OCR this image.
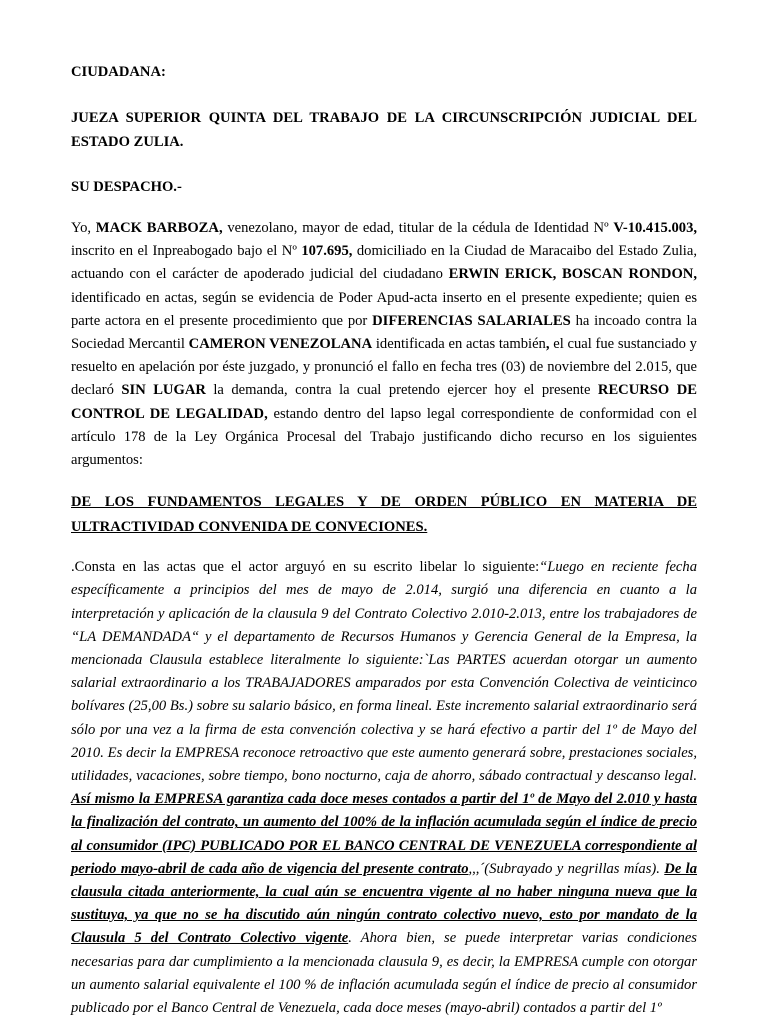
CIUDADANA:

JUEZA SUPERIOR QUINTA DEL TRABAJO DE LA CIRCUNSCRIPCIÓN JUDICIAL DEL ESTADO ZULIA.

SU DESPACHO.-

Yo, MACK BARBOZA, venezolano, mayor de edad, titular de la cédula de Identidad Nº V-10.415.003, inscrito en el Inpreabogado bajo el Nº 107.695, domiciliado en la Ciudad de Maracaibo del Estado Zulia, actuando con el carácter de apoderado judicial del ciudadano ERWIN ERICK, BOSCAN RONDON, identificado en actas, según se evidencia de Poder Apud-acta inserto en el presente expediente; quien es parte actora en el presente procedimiento que por DIFERENCIAS SALARIALES ha incoado contra la Sociedad Mercantil CAMERON VENEZOLANA identificada en actas también, el cual fue sustanciado y resuelto en apelación por éste juzgado, y pronunció el fallo en fecha tres (03) de noviembre del 2.015, que declaró SIN LUGAR la demanda, contra la cual pretendo ejercer hoy el presente RECURSO DE CONTROL DE LEGALIDAD, estando dentro del lapso legal correspondiente de conformidad con el artículo 178 de la Ley Orgánica Procesal del Trabajo justificando dicho recurso en los siguientes argumentos:

DE LOS FUNDAMENTOS LEGALES Y DE ORDEN PÚBLICO EN MATERIA DE ULTRACTIVIDAD CONVENIDA DE CONVECIONES.

.Consta en las actas que el actor arguyó en su escrito libelar lo siguiente:“Luego en reciente fecha específicamente a principios del mes de mayo de 2.014, surgió una diferencia en cuanto a la interpretación y aplicación de la clausula 9 del Contrato Colectivo 2.010-2.013, entre los trabajadores de “LA DEMANDADA“ y el departamento de Recursos Humanos y Gerencia General de la Empresa, la mencionada Clausula establece literalmente lo siguiente:`Las PARTES acuerdan otorgar un aumento salarial extraordinario a los TRABAJADORES amparados por esta Convención Colectiva de veinticinco bolívares (25,00 Bs.) sobre su salario básico, en forma lineal. Este incremento salarial extraordinario será sólo por una vez a la firma de esta convención colectiva y se hará efectivo a partir del 1º de Mayo del 2010. Es decir la EMPRESA reconoce retroactivo que este aumento generará sobre, prestaciones sociales, utilidades, vacaciones, sobre tiempo, bono nocturno, caja de ahorro, sábado contractual y descanso legal. Así mismo la EMPRESA garantiza cada doce meses contados a partir del 1º de Mayo del 2.010 y hasta la finalización del contrato, un aumento del 100% de la inflación acumulada según el índice de precio al consumidor (IPC) PUBLICADO POR EL BANCO CENTRAL DE VENEZUELA correspondiente al periodo mayo-abril de cada año de vigencia del presente contrato,,,´(Subrayado y negrillas mías). De la clausula citada anteriormente, la cual aún se encuentra vigente al no haber ninguna nueva que la sustituya, ya que no se ha discutido aún ningún contrato colectivo nuevo, esto por mandato de la Clausula 5 del Contrato Colectivo vigente. Ahora bien, se puede interpretar varias condiciones necesarias para dar cumplimiento a la mencionada clausula 9, es decir, la EMPRESA cumple con otorgar un aumento salarial equivalente el 100 % de inflación acumulada según el índice de precio al consumidor publicado por el Banco Central de Venezuela, cada doce meses (mayo-abril) contados a partir del 1º
